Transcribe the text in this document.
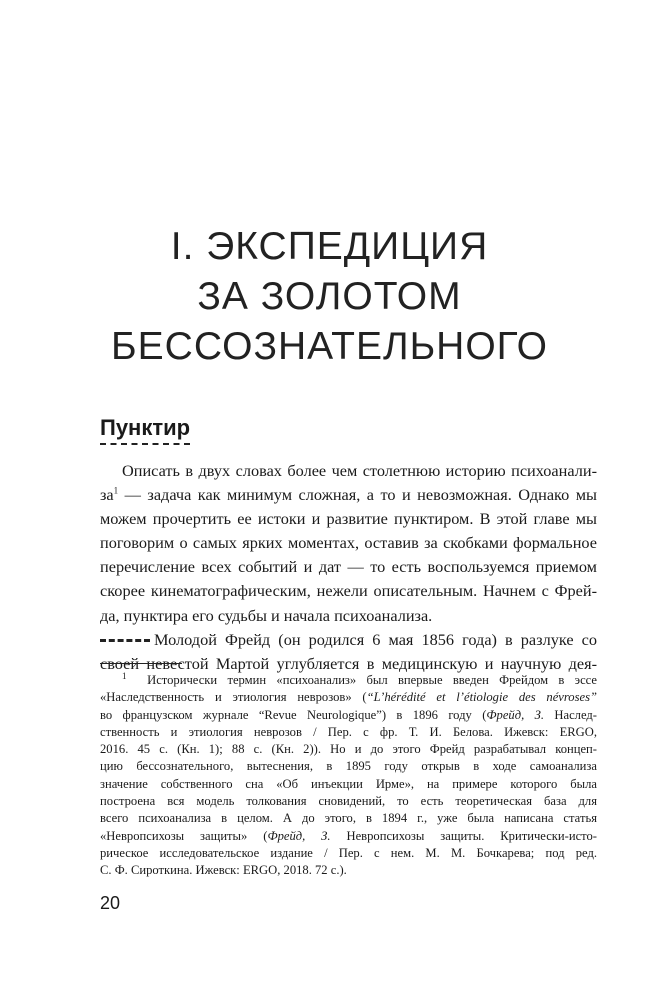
I. ЭКСПЕДИЦИЯ
ЗА ЗОЛОТОМ
БЕССОЗНАТЕЛЬНОГО
Пунктир
Описать в двух словах более чем столетнюю историю психоанали-
$за^1$ — задача как минимум сложная, а то и невозможная. Однако мы
можем прочертить ее истоки и развитие пунктиром. В этой главе мы
поговорим о самых ярких моментах, оставив за скобками формальное
перечисление всех событий и дат — то есть воспользуемся приемом
скорее кинематографическим, нежели описательным. Начнем с Фрей-
да, пунктира его судьбы и начала психоанализа.
Молодой Фрейд (он родился 6 мая 1856 года) в разлуке со
своей невестой Мартой углубляется в медицинскую и научную дея-
$^1$ Исторически термин «психоанализ» был впервые введен Фрейдом в эссе
«Наследственность и этиология неврозов» (“L’hérédité et l’étiologie des névroses”
во французском журнале “Revue Neurologique”) в 1896 году (Фрейд, З. Наслед-
ственность и этиология неврозов / Пер. с фр. Т. И. Белова. Ижевск: ERGO,
2016. 45 с. (Кн. 1); 88 с. (Кн. 2)). Но и до этого Фрейд разрабатывал концеп-
цию бессознательного, вытеснения, в 1895 году открыв в ходе самоанализа
значение собственного сна «Об инъекции Ирме», на примере которого была
построена вся модель толкования сновидений, то есть теоретическая база для
всего психоанализа в целом. А до этого, в 1894 г., уже была написана статья
«Невропсихозы защиты» (Фрейд, З. Невропсихозы защиты. Критически-исто-
рическое исследовательское издание / Пер. с нем. М. М. Бочкарева; под ред.
С. Ф. Сироткина. Ижевск: ERGO, 2018. 72 с.).
20
